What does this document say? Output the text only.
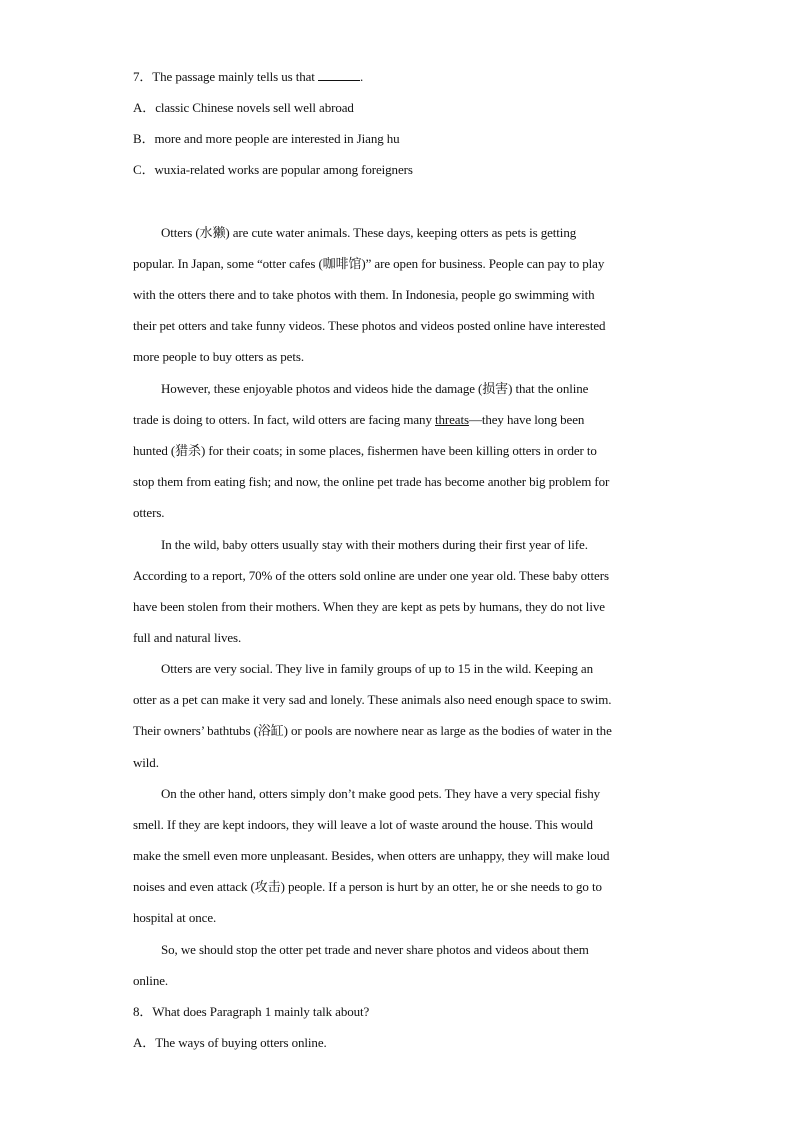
7．The passage mainly tells us that	.
A．classic Chinese novels sell well abroad
B．more and more people are interested in Jiang hu
C．wuxia-related works are popular among foreigners
Otters (水獭) are cute water animals. These days, keeping otters as pets is getting
popular. In Japan, some “otter cafes (咖啡馆)” are open for business. People can pay to play
with the otters there and to take photos with them. In Indonesia, people go swimming with
their pet otters and take funny videos. These photos and videos posted online have interested
more people to buy otters as pets.
However, these enjoyable photos and videos hide the damage (损害) that the online
trade is doing to otters. In fact, wild otters are facing many threats—they have long been
hunted (猎杀) for their coats; in some places, fishermen have been killing otters in order to
stop them from eating fish; and now, the online pet trade has become another big problem for
otters.
In the wild, baby otters usually stay with their mothers during their first year of life.
According to a report, 70% of the otters sold online are under one year old. These baby otters
have been stolen from their mothers. When they are kept as pets by humans, they do not live
full and natural lives.
Otters are very social. They live in family groups of up to 15 in the wild. Keeping an
otter as a pet can make it very sad and lonely. These animals also need enough space to swim.
Their owners’ bathtubs (浴缸) or pools are nowhere near as large as the bodies of water in the
wild.
On the other hand, otters simply don’t make good pets. They have a very special fishy
smell. If they are kept indoors, they will leave a lot of waste around the house. This would
make the smell even more unpleasant. Besides, when otters are unhappy, they will make loud
noises and even attack (攻击) people. If a person is hurt by an otter, he or she needs to go to
hospital at once.
So, we should stop the otter pet trade and never share photos and videos about them
online.
8．What does Paragraph 1 mainly talk about?
A．The ways of buying otters online.
